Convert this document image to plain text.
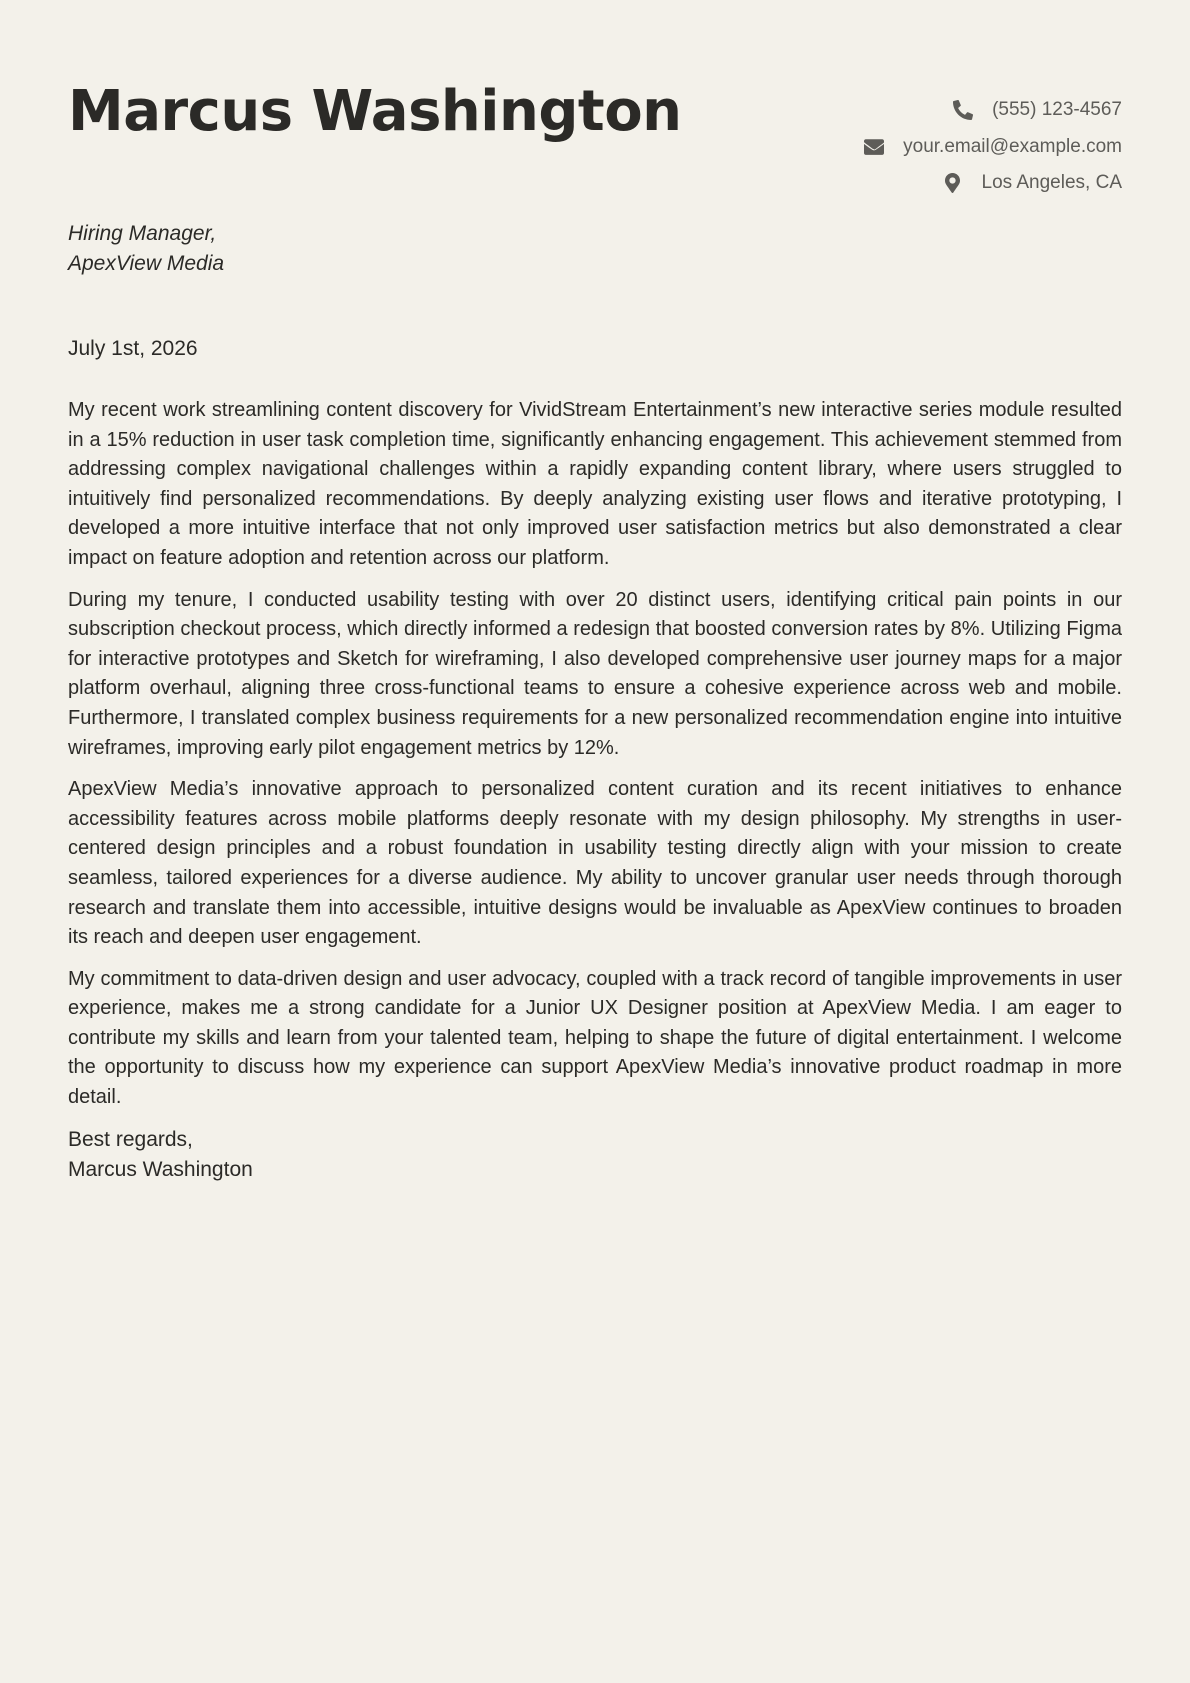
Marcus Washington	(555) 123-4567
your.email@example.com
Los Angeles, CA
Hiring Manager,
ApexView Media
July 1st, 2026

My recent work streamlining content discovery for VividStream Entertainment’s new interactive series module resulted in a 15% reduction in user task completion time, significantly enhancing engagement. This achievement stemmed from addressing complex navigational challenges within a rapidly expanding content library, where users struggled to intuitively find personalized recommendations. By deeply analyzing existing user flows and iterative prototyping, I developed a more intuitive interface that not only improved user satisfaction metrics but also demonstrated a clear impact on feature adoption and retention across our platform.

During my tenure, I conducted usability testing with over 20 distinct users, identifying critical pain points in our subscription checkout process, which directly informed a redesign that boosted conversion rates by 8%. Utilizing Figma for interactive prototypes and Sketch for wireframing, I also developed comprehensive user journey maps for a major platform overhaul, aligning three cross-functional teams to ensure a cohesive experience across web and mobile. Furthermore, I translated complex business requirements for a new personalized recommendation engine into intuitive wireframes, improving early pilot engagement metrics by 12%.

ApexView Media’s innovative approach to personalized content curation and its recent initiatives to enhance accessibility features across mobile platforms deeply resonate with my design philosophy. My strengths in user-centered design principles and a robust foundation in usability testing directly align with your mission to create seamless, tailored experiences for a diverse audience. My ability to uncover granular user needs through thorough research and translate them into accessible, intuitive designs would be invaluable as ApexView continues to broaden its reach and deepen user engagement.

My commitment to data-driven design and user advocacy, coupled with a track record of tangible improvements in user experience, makes me a strong candidate for a Junior UX Designer position at ApexView Media. I am eager to contribute my skills and learn from your talented team, helping to shape the future of digital entertainment. I welcome the opportunity to discuss how my experience can support ApexView Media’s innovative product roadmap in more detail.

Best regards,
Marcus Washington
